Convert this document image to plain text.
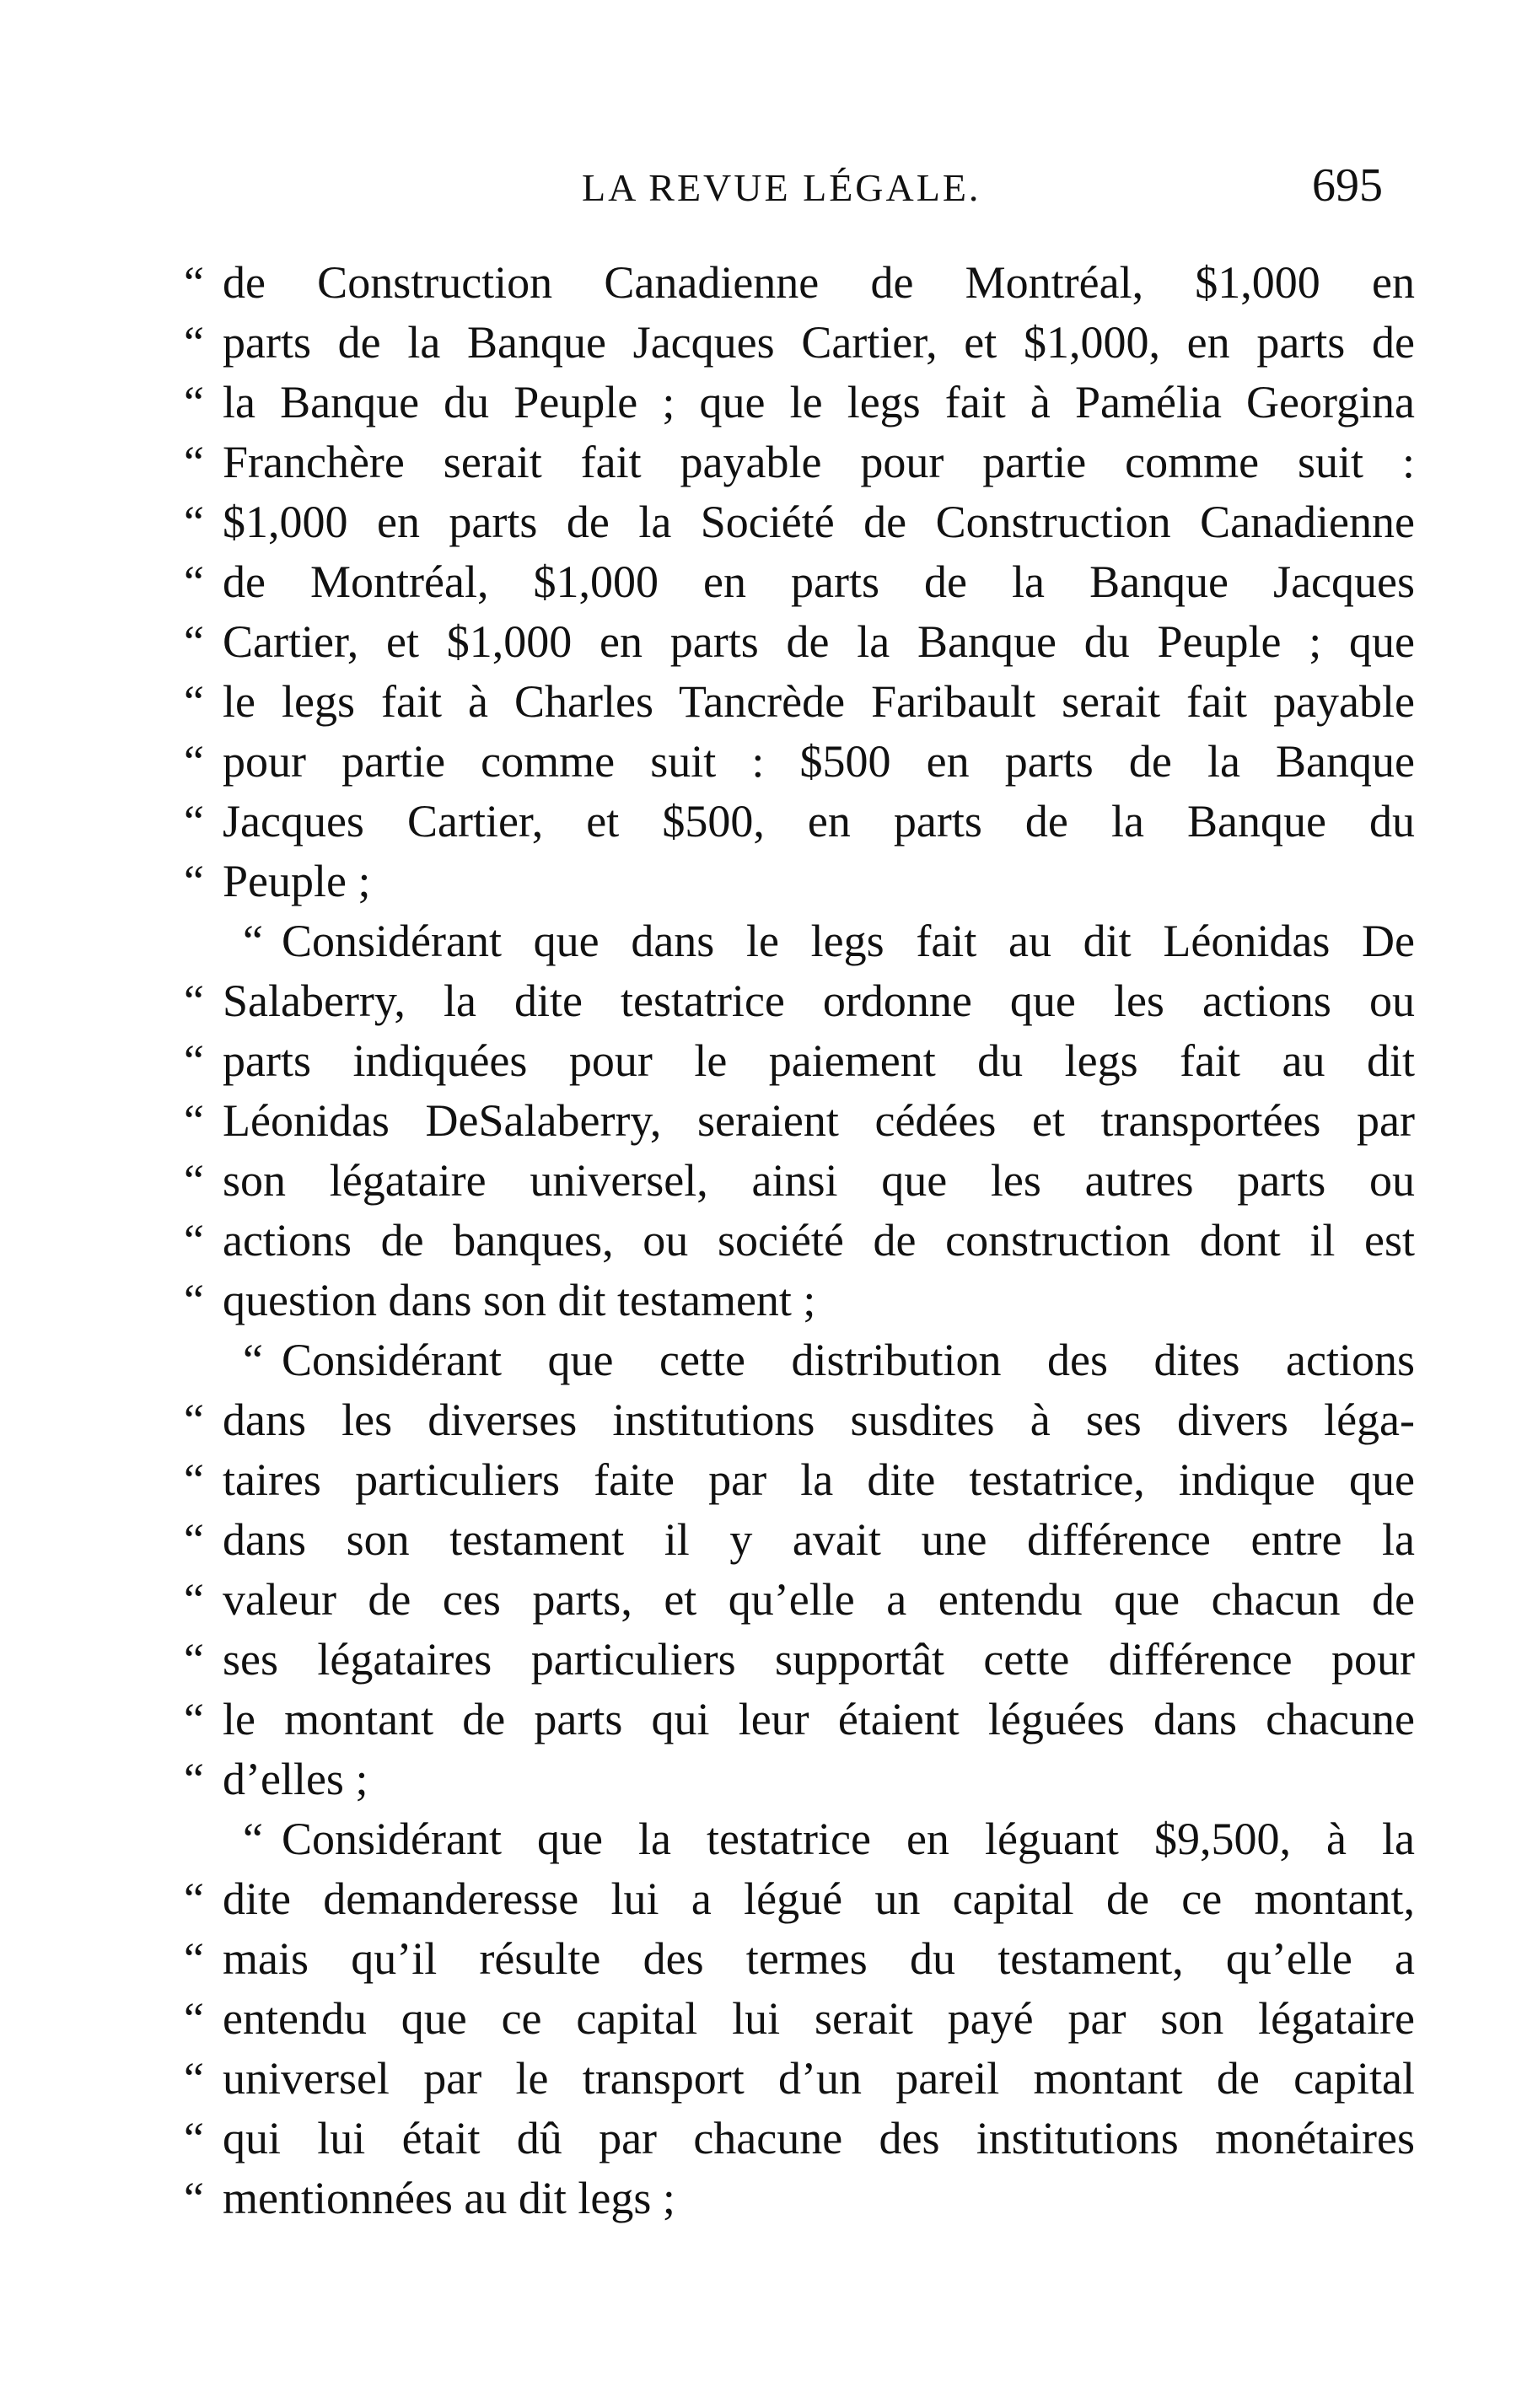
LA REVUE LÉGALE.	695
“ de Construction Canadienne de Montréal, $1,000 en
“ parts de la Banque Jacques Cartier, et $1,000, en parts de
“ la Banque du Peuple ; que le legs fait à Pamélia Georgina
“ Franchère serait fait payable pour partie comme suit :
“ $1,000 en parts de la Société de Construction Canadienne
“ de Montréal, $1,000 en parts de la Banque Jacques
“ Cartier, et $1,000 en parts de la Banque du Peuple ; que
“ le legs fait à Charles Tancrède Faribault serait fait payable
“ pour partie comme suit : $500 en parts de la Banque
“ Jacques Cartier, et $500, en parts de la Banque du
“ Peuple ;
“ Considérant que dans le legs fait au dit Léonidas De
“ Salaberry, la dite testatrice ordonne que les actions ou
“ parts indiquées pour le paiement du legs fait au dit
“ Léonidas DeSalaberry, seraient cédées et transportées par
“ son légataire universel, ainsi que les autres parts ou
“ actions de banques, ou société de construction dont il est
“ question dans son dit testament ;
“ Considérant que cette distribution des dites actions
“ dans les diverses institutions susdites à ses divers léga-
“ taires particuliers faite par la dite testatrice, indique que
“ dans son testament il y avait une différence entre la
“ valeur de ces parts, et qu’elle a entendu que chacun de
“ ses légataires particuliers supportât cette différence pour
“ le montant de parts qui leur étaient léguées dans chacune
“ d’elles ;
“ Considérant que la testatrice en léguant $9,500, à la
“ dite demanderesse lui a légué un capital de ce montant,
“ mais qu’il résulte des termes du testament, qu’elle a
“ entendu que ce capital lui serait payé par son légataire
“ universel par le transport d’un pareil montant de capital
“ qui lui était dû par chacune des institutions monétaires
“ mentionnées au dit legs ;
